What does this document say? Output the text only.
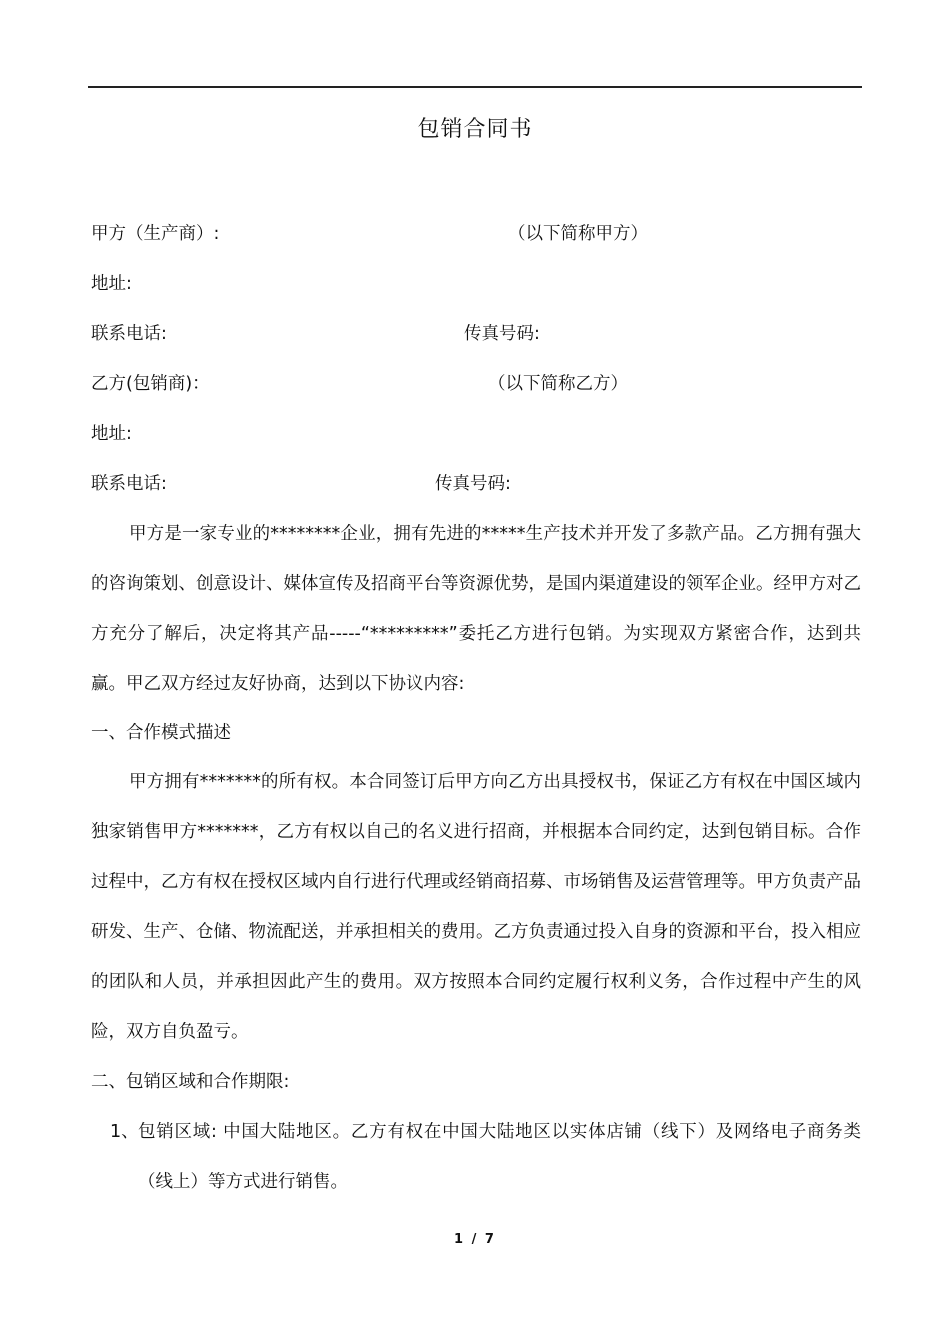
包销合同书
甲方（生产商）:	（以下简称甲方）
地址:
联系电话:	传真号码:
乙方(包销商)：	（以下简称乙方）
地址:
联系电话:	传真号码:

甲方是一家专业的********企业，拥有先进的*****生产技术并开发了多款产品。乙方拥有强大的咨询策划、创意设计、媒体宣传及招商平台等资源优势，是国内渠道建设的领军企业。经甲方对乙方充分了解后，决定将其产品-----“*********”委托乙方进行包销。为实现双方紧密合作，达到共赢。甲乙双方经过友好协商，达到以下协议内容:

一、合作模式描述

甲方拥有*******的所有权。本合同签订后甲方向乙方出具授权书，保证乙方有权在中国区域内独家销售甲方*******，乙方有权以自己的名义进行招商，并根据本合同约定，达到包销目标。合作过程中，乙方有权在授权区域内自行进行代理或经销商招募、市场销售及运营管理等。甲方负责产品研发、生产、仓储、物流配送，并承担相关的费用。乙方负责通过投入自身的资源和平台，投入相应的团队和人员，并承担因此产生的费用。双方按照本合同约定履行权利义务，合作过程中产生的风险，双方自负盈亏。

二、包销区域和合作期限:
1、 包销区域: 中国大陆地区。乙方有权在中国大陆地区以实体店铺（线下）及网络电子商务类（线上）等方式进行销售。
1 / 7
